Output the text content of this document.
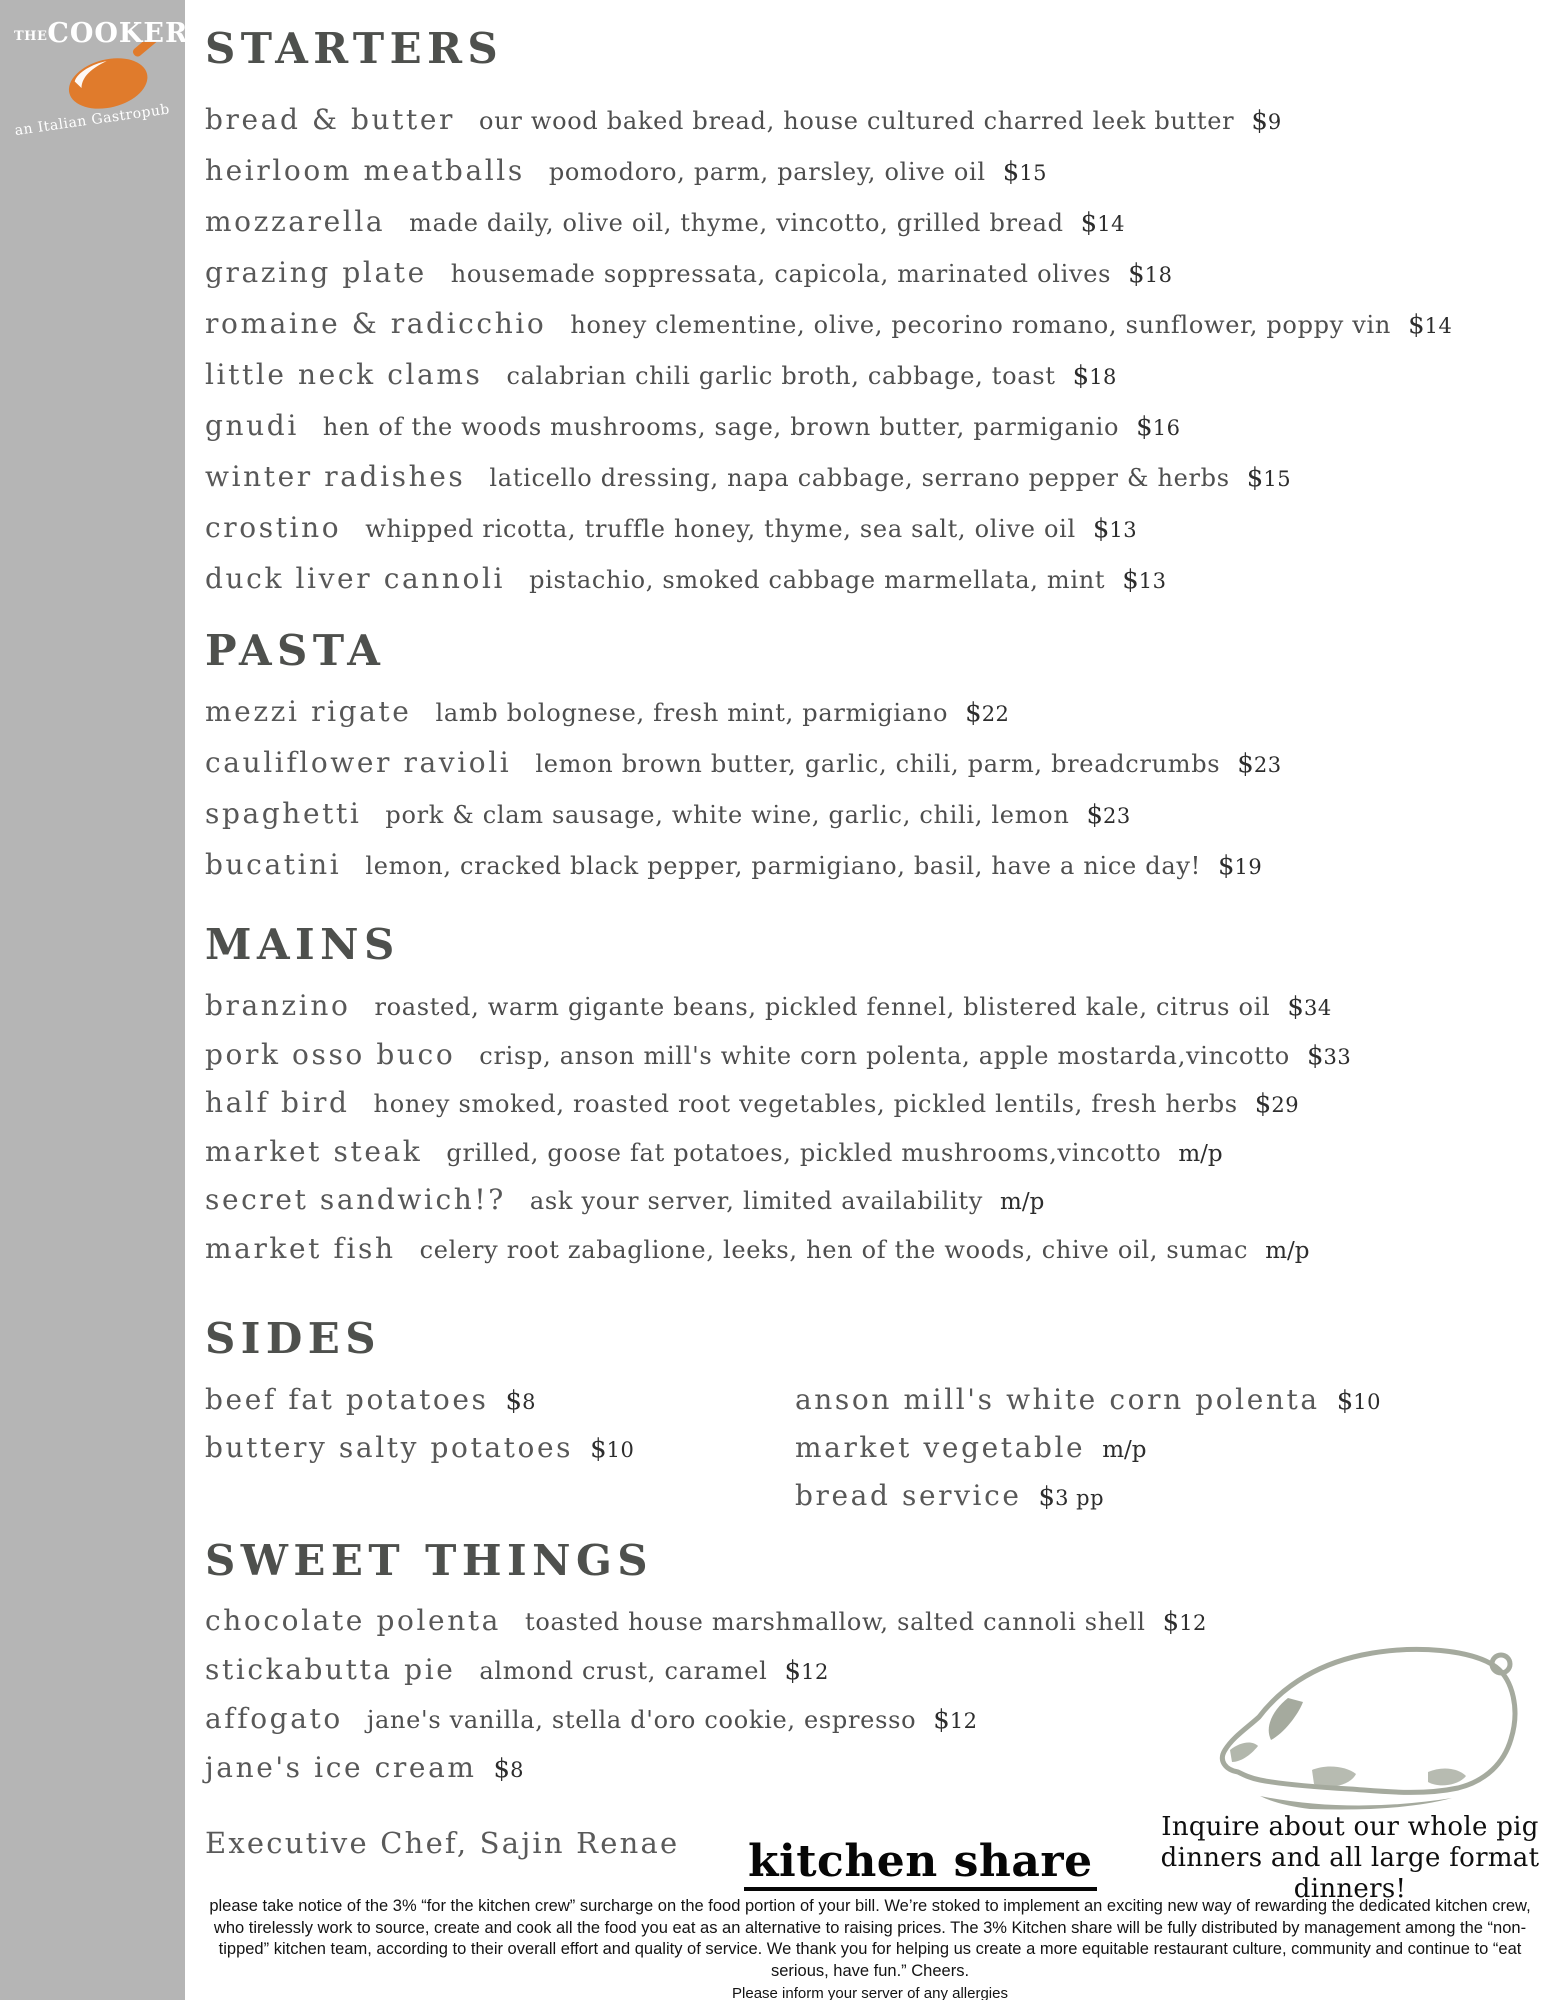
THE COOKERY
an Italian Gastropub
STARTERS
bread & butter our wood baked bread, house cultured charred leek butter $9
heirloom meatballs pomodoro, parm, parsley, olive oil $15
mozzarella made daily, olive oil, thyme, vincotto, grilled bread $14
grazing plate housemade soppressata, capicola, marinated olives $18
romaine & radicchio honey clementine, olive, pecorino romano, sunflower, poppy vin $14
little neck clams calabrian chili garlic broth, cabbage, toast $18
gnudi hen of the woods mushrooms, sage, brown butter, parmiganio $16
winter radishes laticello dressing, napa cabbage, serrano pepper & herbs $15
crostino whipped ricotta, truffle honey, thyme, sea salt, olive oil $13
duck liver cannoli pistachio, smoked cabbage marmellata, mint $13
PASTA
mezzi rigate lamb bolognese, fresh mint, parmigiano $22
cauliflower ravioli lemon brown butter, garlic, chili, parm, breadcrumbs $23
spaghetti pork & clam sausage, white wine, garlic, chili, lemon $23
bucatini lemon, cracked black pepper, parmigiano, basil, have a nice day! $19
MAINS
branzino roasted, warm gigante beans, pickled fennel, blistered kale, citrus oil $34
pork osso buco crisp, anson mill's white corn polenta, apple mostarda,vincotto $33
half bird honey smoked, roasted root vegetables, pickled lentils, fresh herbs $29
market steak grilled, goose fat potatoes, pickled mushrooms,vincotto m/p
secret sandwich!? ask your server, limited availability m/p
market fish celery root zabaglione, leeks, hen of the woods, chive oil, sumac m/p
SIDES
beef fat potatoes $8
buttery salty potatoes $10
anson mill's white corn polenta $10
market vegetable m/p
bread service $3 pp
SWEET THINGS
chocolate polenta toasted house marshmallow, salted cannoli shell $12
stickabutta pie almond crust, caramel $12
affogato jane's vanilla, stella d'oro cookie, espresso $12
jane's ice cream $8
Executive Chef, Sajin Renae kitchen share
Inquire about our whole pig
dinners and all large format dinners!
please take notice of the 3% “for the kitchen crew” surcharge on the food portion of your bill. We’re stoked to implement an exciting new way of rewarding the dedicated kitchen crew, who tirelessly work to source, create and cook all the food you eat as an alternative to raising prices. The 3% Kitchen share will be fully distributed by management among the “non-tipped” kitchen team, according to their overall effort and quality of service. We thank you for helping us create a more equitable restaurant culture, community and continue to “eat serious, have fun.” Cheers.
Please inform your server of any allergies
